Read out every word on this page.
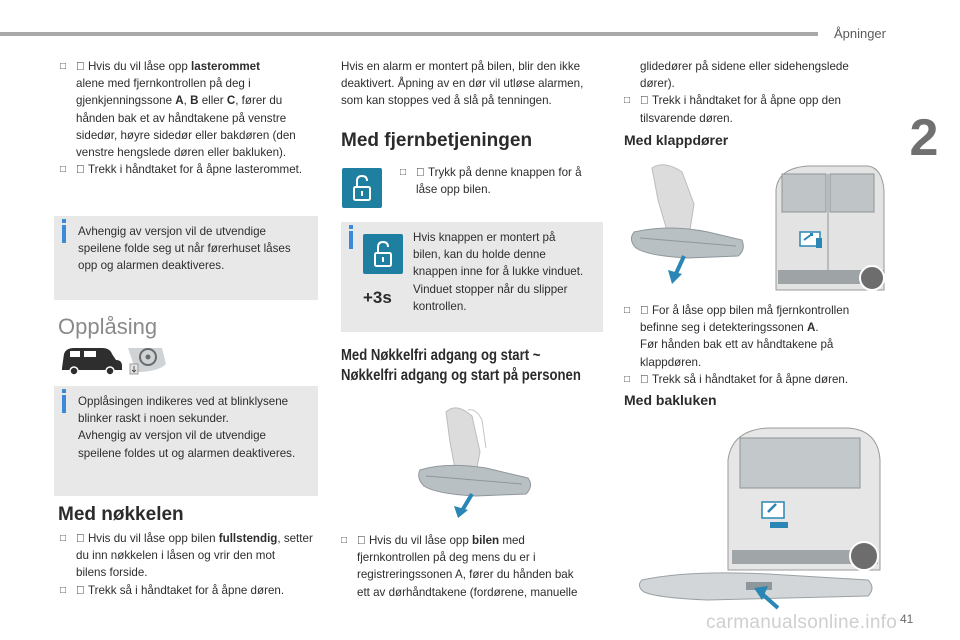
Åpninger
2

□ Hvis du vil låse opp lasterommet
alene med fjernkontrollen på deg i
gjenkjenningssone A, B eller C, fører du
hånden bak et av håndtakene på venstre
sidedør, høyre sidedør eller bakdøren (den
venstre hengslede døren eller bakluken).

□ Trekk i håndtaket for å åpne lasterommet.
Avhengig av versjon vil de utvendige
speilene folde seg ut når førerhuset låses
opp og alarmen deaktiveres.
Opplåsing
Opplåsingen indikeres ved at blinklysene
blinker raskt i noen sekunder.
Avhengig av versjon vil de utvendige
speilene foldes ut og alarmen deaktiveres.
Med nøkkelen

□ Hvis du vil låse opp bilen fullstendig, setter
du inn nøkkelen i låsen og vrir den mot
bilens forside.

□ Trekk så i håndtaket for å åpne døren.
Hvis en alarm er montert på bilen, blir den ikke
deaktivert. Åpning av en dør vil utløse alarmen,
som kan stoppes ved å slå på tenningen.
Med fjernbetjeningen

□ Trykk på denne knappen for å
låse opp bilen.
+3s
Hvis knappen er montert på
bilen, kan du holde denne
knappen inne for å lukke vinduet.
Vinduet stopper når du slipper
kontrollen.
Med Nøkkelfri adgang og start ~
Nøkkelfri adgang og start på personen

□ Hvis du vil låse opp bilen med
fjernkontrollen på deg mens du er i
registreringssonen A, fører du hånden bak
ett av dørhåndtakene (fordørene, manuelle
glidedører på sidene eller sidehengslede
dører).

□ Trekk i håndtaket for å åpne opp den
tilsvarende døren.
Med klappdører

□ For å låse opp bilen må fjernkontrollen
befinne seg i detekteringssonen A.
Før hånden bak ett av håndtakene på
klappdøren.

□ Trekk så i håndtaket for å åpne døren.
Med bakluken
carmanualsonline.info 41
